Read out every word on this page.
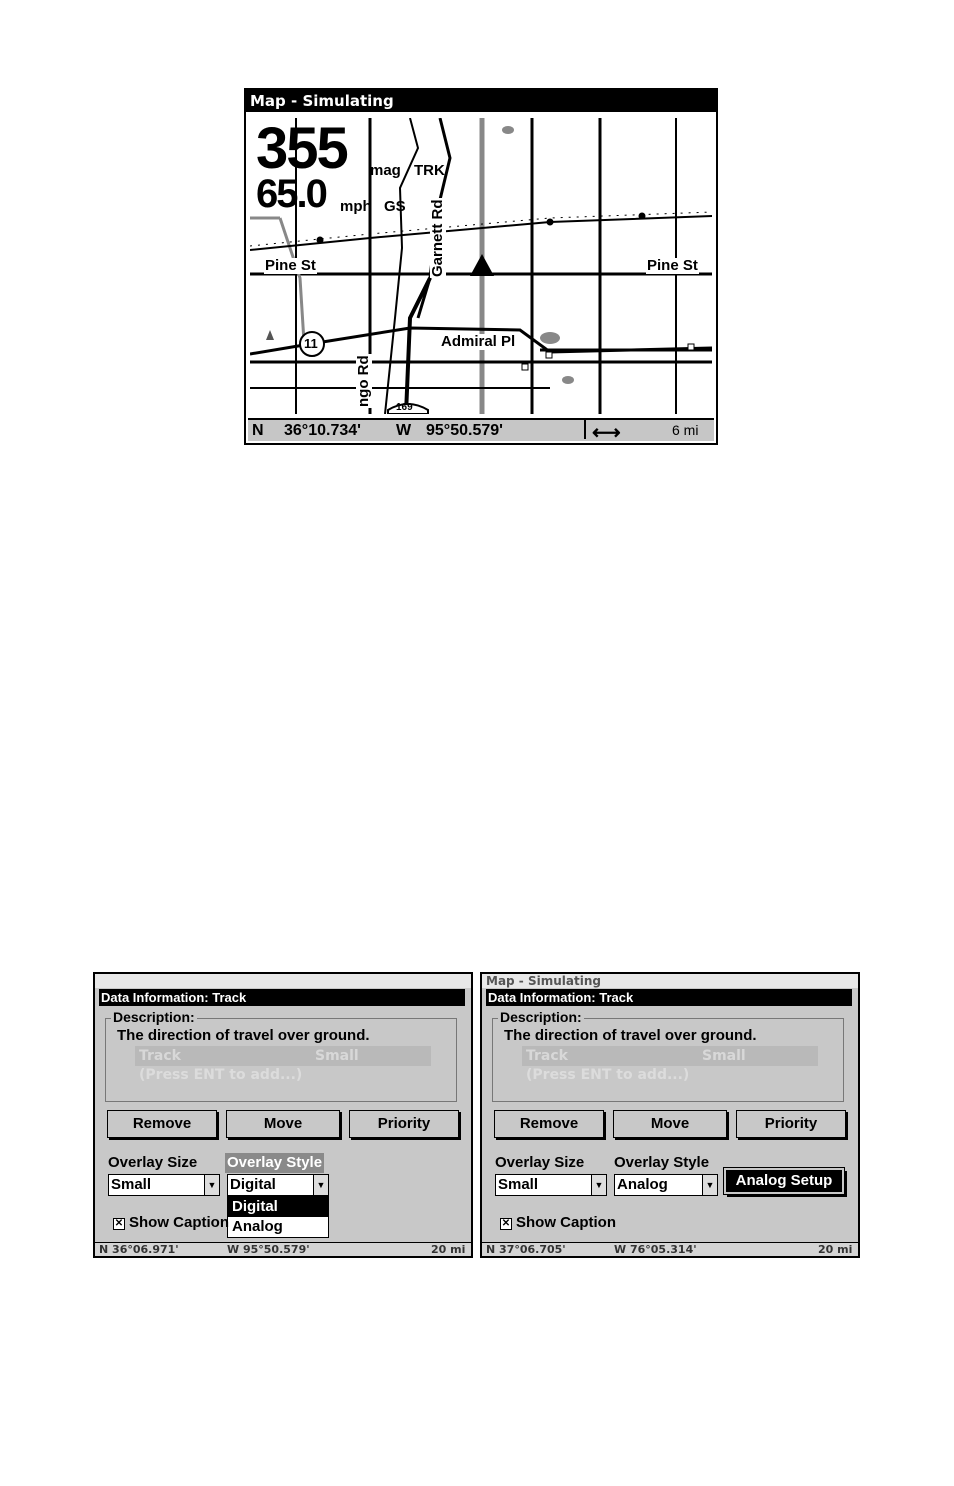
Map - Simulating
355 mag TRK
65.0 mph GS
Pine St	Pine St
Admiral Pl
Garnett Rd
ngo Rd
11
169
N 36°10.734' W 95°50.579'	⟷	6 mi
Data Information: Track
Description:
The direction of travel over ground.
Track	Small
(Press ENT to add...)
Remove	Move	Priority
Overlay Size Overlay Style
Small	▼ Digital	▼
Digital
Analog
✕ Show Caption
N 36°06.971'	W 95°50.579'	20 mi
Map - Simulating
Data Information: Track
Description:
The direction of travel over ground.
Track	Small
(Press ENT to add...)
Remove	Move	Priority
Overlay Size Overlay Style
Small	▼ Analog	▼	Analog Setup
✕ Show Caption
N 37°06.705'	W 76°05.314'	20 mi
